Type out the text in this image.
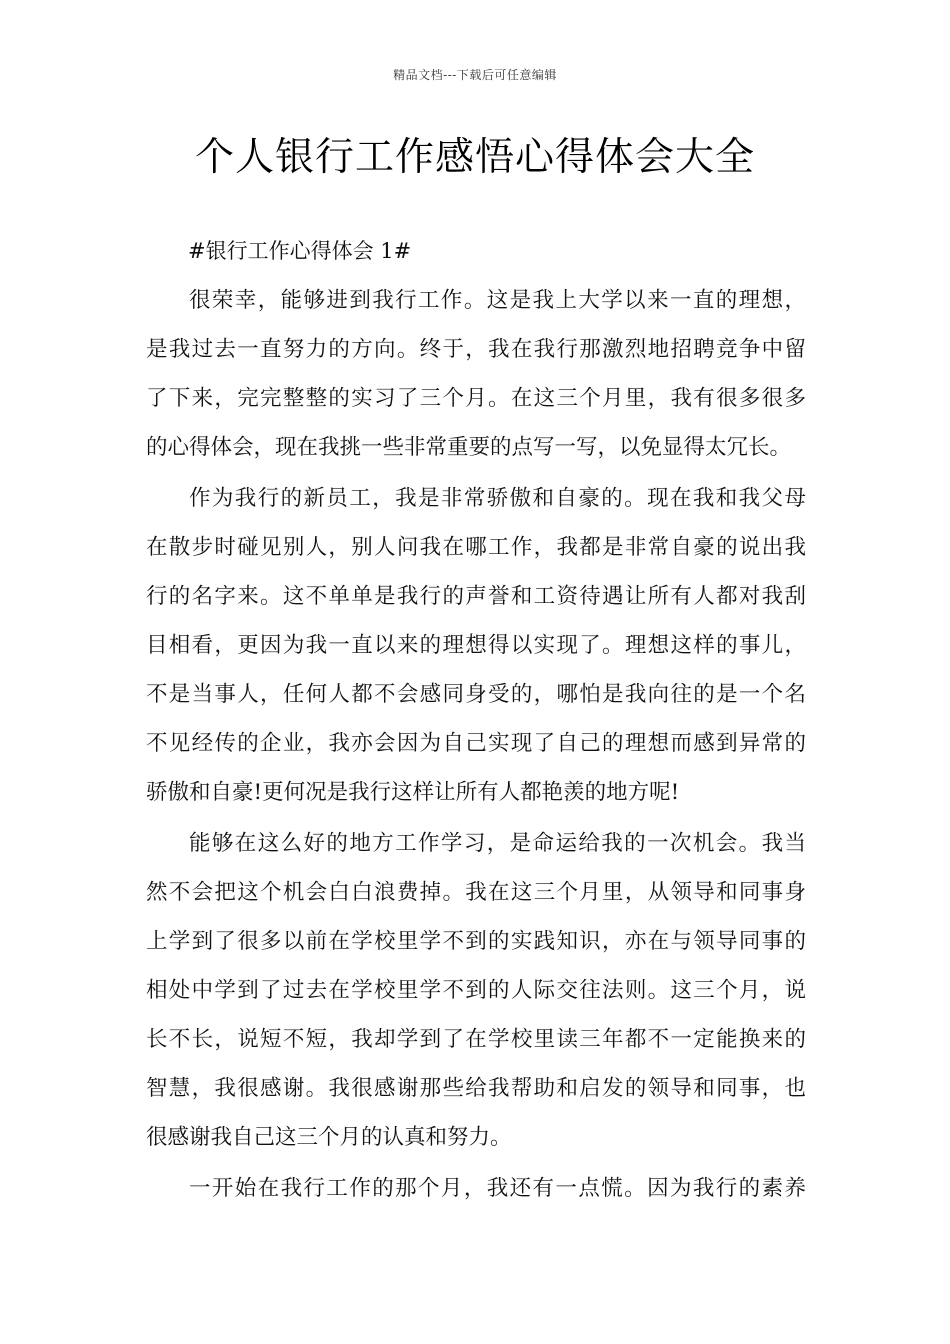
精品文档---下载后可任意编辑
个人银行工作感悟心得体会大全

#银行工作心得体会 1#

很荣幸，能够进到我行工作。这是我上大学以来一直的理想，
是我过去一直努力的方向。终于，我在我行那激烈地招聘竞争中留
了下来，完完整整的实习了三个月。在这三个月里，我有很多很多
的心得体会，现在我挑一些非常重要的点写一写，以免显得太冗长。
作为我行的新员工，我是非常骄傲和自豪的。现在我和我父母
在散步时碰见别人，别人问我在哪工作，我都是非常自豪的说出我
行的名字来。这不单单是我行的声誉和工资待遇让所有人都对我刮
目相看，更因为我一直以来的理想得以实现了。理想这样的事儿，
不是当事人，任何人都不会感同身受的，哪怕是我向往的是一个名
不见经传的企业，我亦会因为自己实现了自己的理想而感到异常的
骄傲和自豪!更何况是我行这样让所有人都艳羡的地方呢!
能够在这么好的地方工作学习，是命运给我的一次机会。我当
然不会把这个机会白白浪费掉。我在这三个月里，从领导和同事身
上学到了很多以前在学校里学不到的实践知识，亦在与领导同事的
相处中学到了过去在学校里学不到的人际交往法则。这三个月，说
长不长，说短不短，我却学到了在学校里读三年都不一定能换来的
智慧，我很感谢。我很感谢那些给我帮助和启发的领导和同事，也
很感谢我自己这三个月的认真和努力。
一开始在我行工作的那个月，我还有一点慌。因为我行的素养
